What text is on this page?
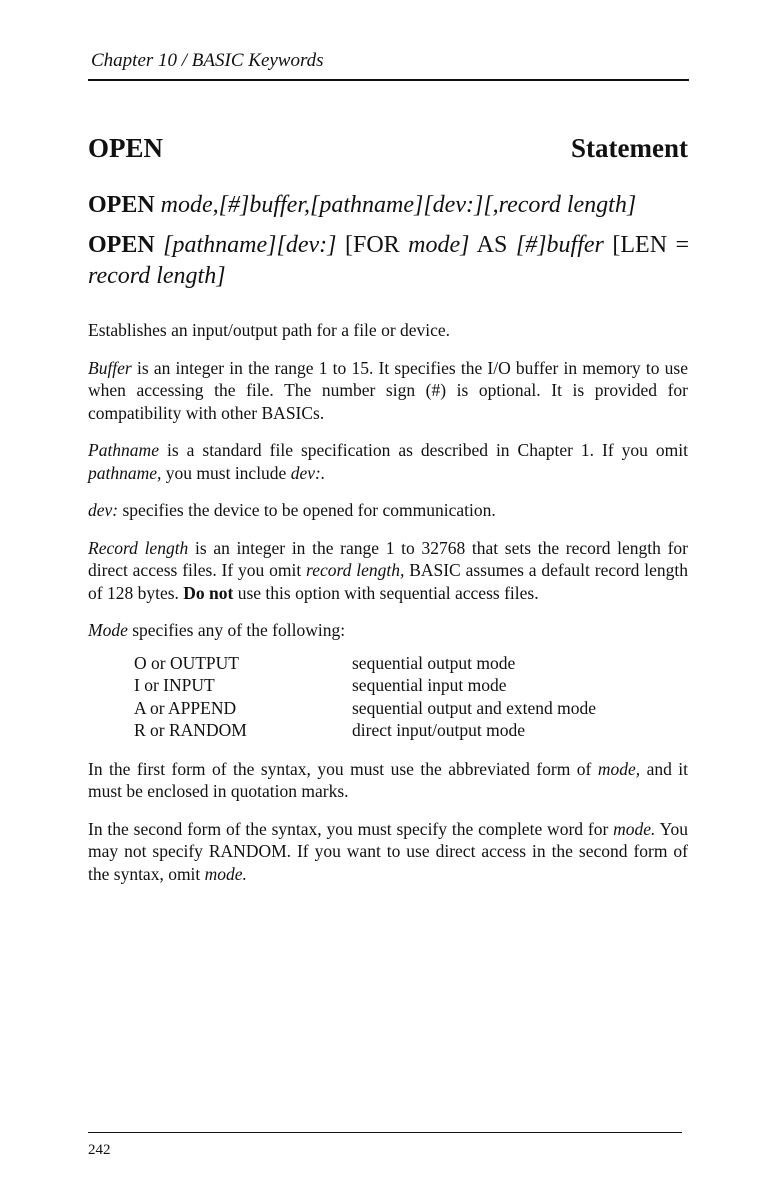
Chapter 10 / BASIC Keywords
OPEN	Statement
OPEN mode,[#]buffer,[pathname][dev:][,record length]
OPEN [pathname][dev:] [FOR mode] AS [#]buffer [LEN = record length]

Establishes an input/output path for a file or device.

Buffer is an integer in the range 1 to 15. It specifies the I/O buffer in memory to use when accessing the file. The number sign (#) is optional. It is provided for compatibility with other BASICs.

Pathname is a standard file specification as described in Chapter 1. If you omit pathname, you must include dev:.

dev: specifies the device to be opened for communication.

Record length is an integer in the range 1 to 32768 that sets the record length for direct access files. If you omit record length, BASIC assumes a default record length of 128 bytes. Do not use this option with sequential access files.

Mode specifies any of the following:

O or OUTPUT	sequential output mode
I or INPUT	sequential input mode
A or APPEND	sequential output and extend mode
R or RANDOM	direct input/output mode

In the first form of the syntax, you must use the abbreviated form of mode, and it must be enclosed in quotation marks.

In the second form of the syntax, you must specify the complete word for mode. You may not specify RANDOM. If you want to use direct access in the second form of the syntax, omit mode.

242
